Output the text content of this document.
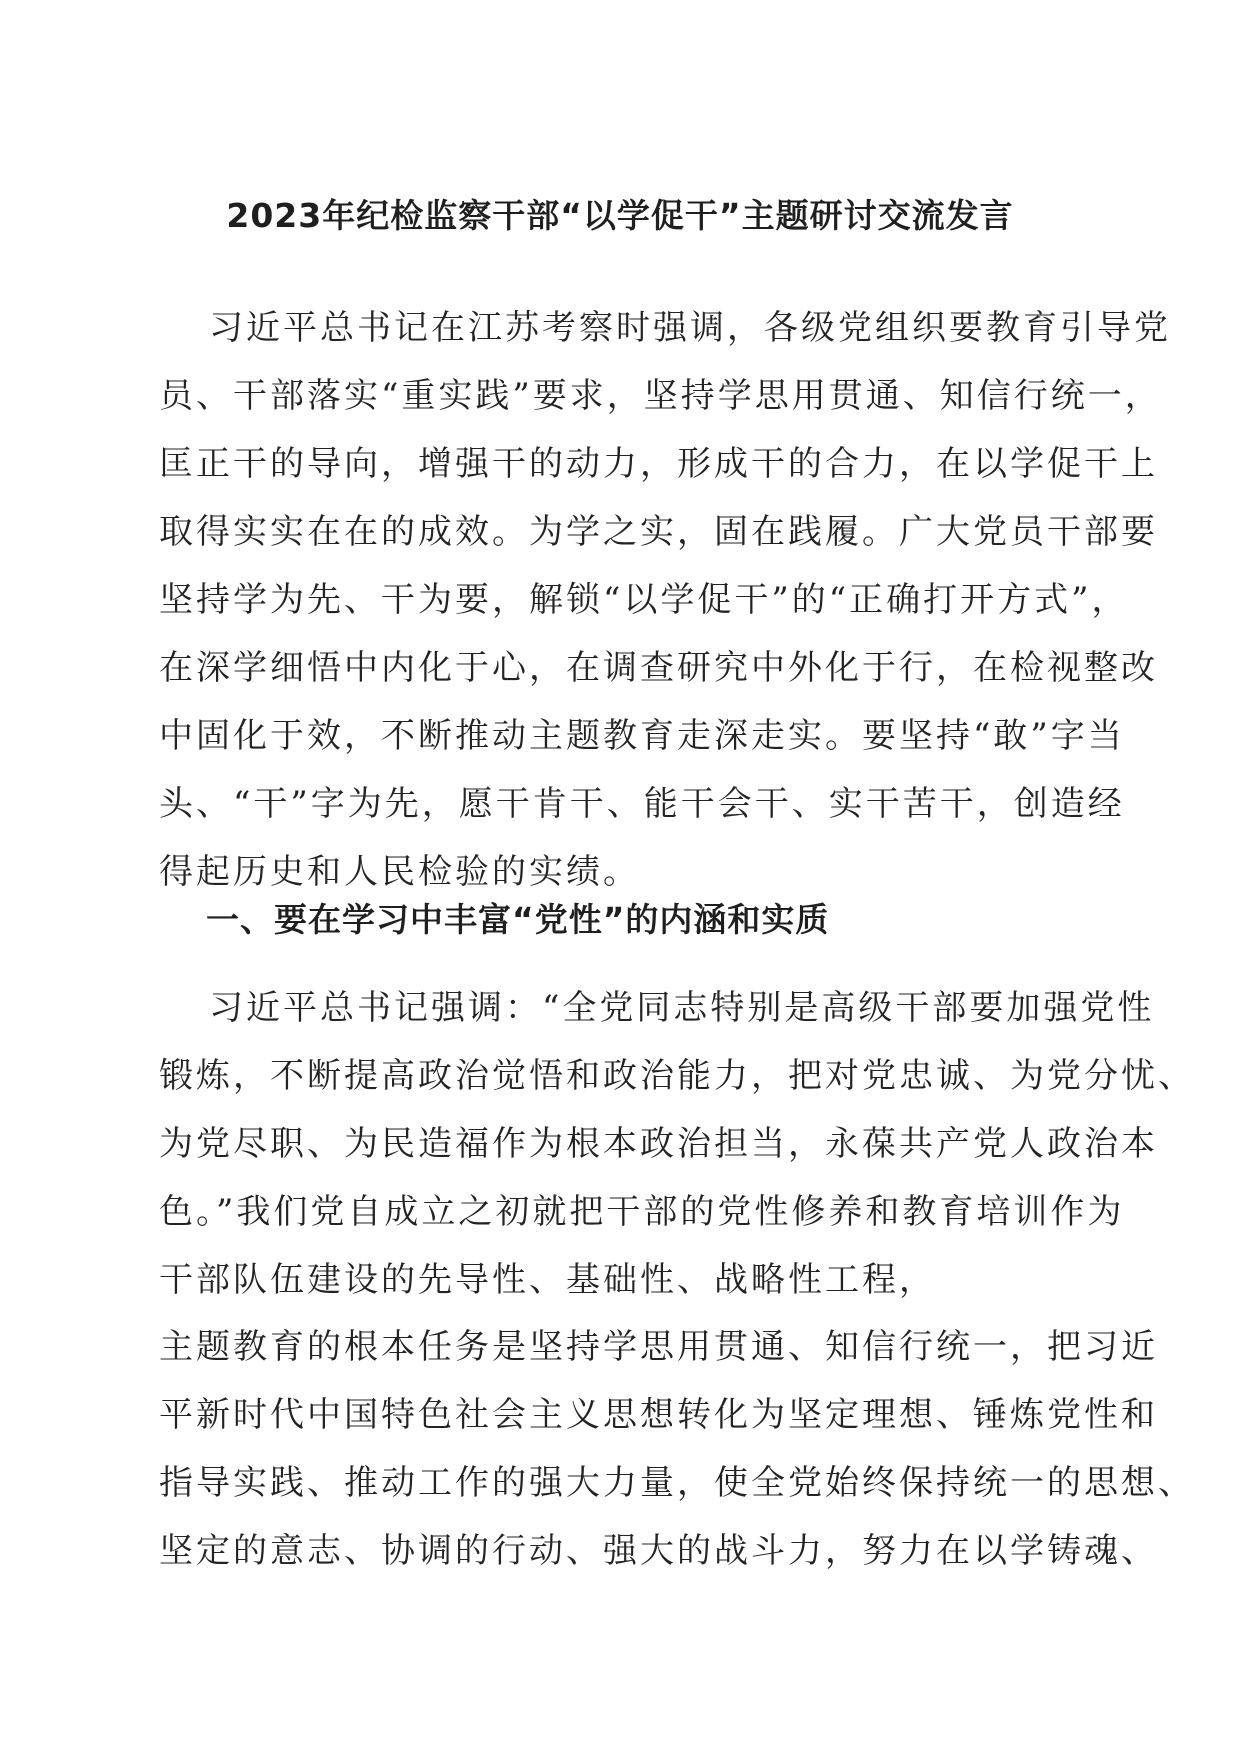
2023年纪检监察干部“以学促干”主题研讨交流发言
习近平总书记在江苏考察时强调，各级党组织要教育引导党
员、干部落实“重实践”要求，坚持学思用贯通、知信行统一，
匡正干的导向，增强干的动力，形成干的合力，在以学促干上
取得实实在在的成效。为学之实，固在践履。广大党员干部要
坚持学为先、干为要，解锁“以学促干”的“正确打开方式”，
在深学细悟中内化于心，在调查研究中外化于行，在检视整改
中固化于效，不断推动主题教育走深走实。要坚持“敢”字当
头、“干”字为先，愿干肯干、能干会干、实干苦干，创造经
得起历史和人民检验的实绩。
一、要在学习中丰富“党性”的内涵和实质
习近平总书记强调：“全党同志特别是高级干部要加强党性
锻炼，不断提高政治觉悟和政治能力，把对党忠诚、为党分忧、
为党尽职、为民造福作为根本政治担当，永葆共产党人政治本
色。”我们党自成立之初就把干部的党性修养和教育培训作为
干部队伍建设的先导性、基础性、战略性工程，
主题教育的根本任务是坚持学思用贯通、知信行统一，把习近
平新时代中国特色社会主义思想转化为坚定理想、锤炼党性和
指导实践、推动工作的强大力量，使全党始终保持统一的思想、
坚定的意志、协调的行动、强大的战斗力，努力在以学铸魂、
